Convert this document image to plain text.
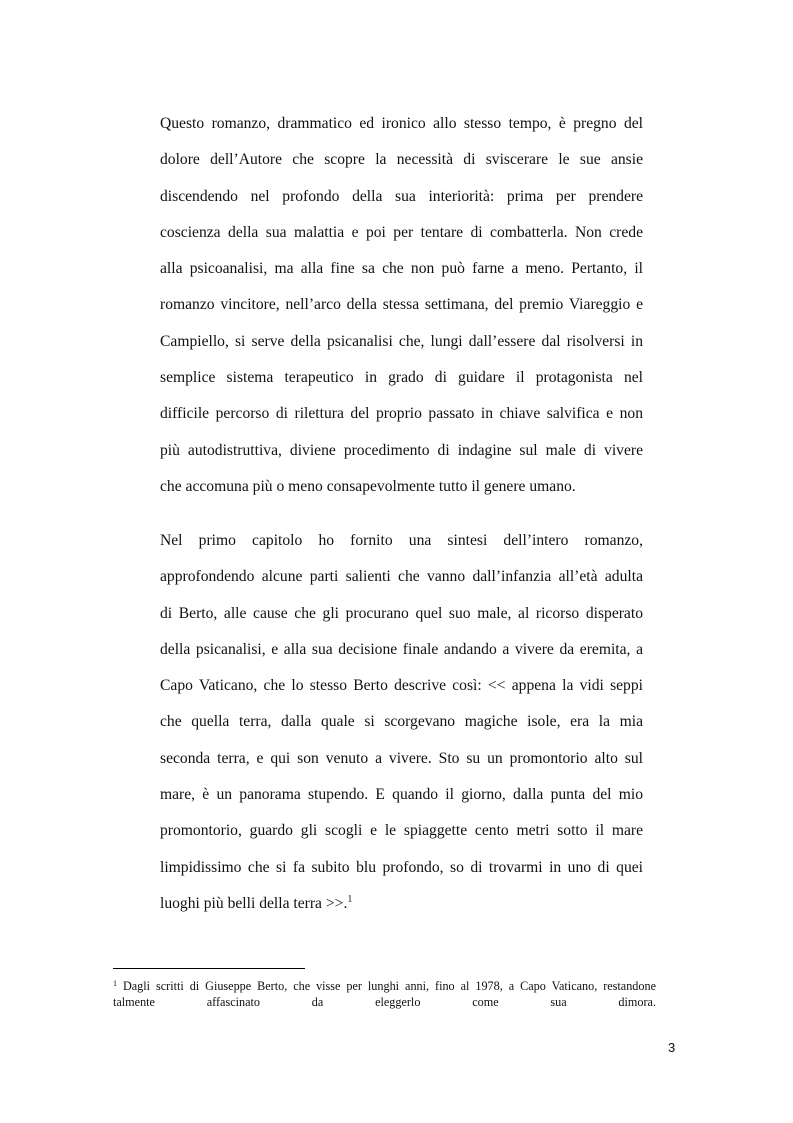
Questo romanzo, drammatico ed ironico allo stesso tempo, è pregno del
dolore dell’Autore che scopre la necessità di sviscerare le sue ansie
discendendo nel profondo della sua interiorità: prima per prendere
coscienza della sua malattia e poi per tentare di combatterla. Non crede
alla psicoanalisi, ma alla fine sa che non può farne a meno. Pertanto, il
romanzo vincitore, nell’arco della stessa settimana, del premio Viareggio e
Campiello, si serve della psicanalisi che, lungi dall’essere dal risolversi in
semplice sistema terapeutico in grado di guidare il protagonista nel
difficile percorso di rilettura del proprio passato in chiave salvifica e non
più autodistruttiva, diviene procedimento di indagine sul male di vivere
che accomuna più o meno consapevolmente tutto il genere umano.
Nel primo capitolo ho fornito una sintesi dell’intero romanzo,
approfondendo alcune parti salienti che vanno dall’infanzia all’età adulta
di Berto, alle cause che gli procurano quel suo male, al ricorso disperato
della psicanalisi, e alla sua decisione finale andando a vivere da eremita, a
Capo Vaticano, che lo stesso Berto descrive così: << appena la vidi seppi
che quella terra, dalla quale si scorgevano magiche isole, era la mia
seconda terra, e qui son venuto a vivere. Sto su un promontorio alto sul
mare, è un panorama stupendo. E quando il giorno, dalla punta del mio
promontorio, guardo gli scogli e le spiaggette cento metri sotto il mare
limpidissimo che si fa subito blu profondo, so di trovarmi in uno di quei
luoghi più belli della terra >>.$^1$
$^1$ Dagli scritti di Giuseppe Berto, che visse per lunghi anni, fino al 1978, a Capo Vaticano, restandone
talmente affascinato da eleggerlo come sua dimora.
3
